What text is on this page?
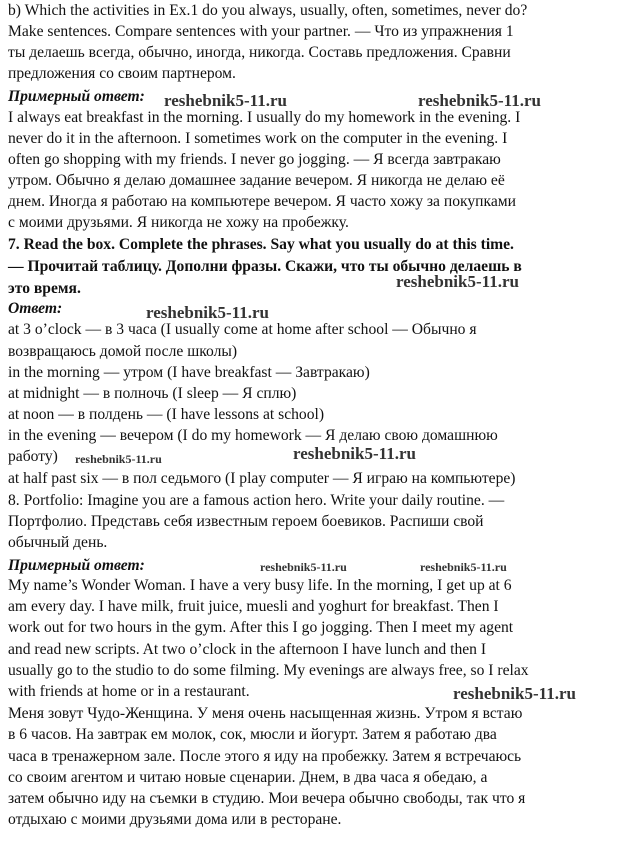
b) Which the activities in Ex.1 do you always, usually, often, sometimes, never do?
Make sentences. Compare sentences with your partner. — Что из упражнения 1
ты делаешь всегда, обычно, иногда, никогда. Составь предложения. Сравни
предложения со своим партнером.
Примерный ответ:
I always eat breakfast in the morning. I usually do my homework in the evening. I
never do it in the afternoon. I sometimes work on the computer in the evening. I
often go shopping with my friends. I never go jogging. — Я всегда завтракаю
утром. Обычно я делаю домашнее задание вечером. Я никогда не делаю её
днем. Иногда я работаю на компьютере вечером. Я часто хожу за покупками
с моими друзьями. Я никогда не хожу на пробежку.
7. Read the box. Complete the phrases. Say what you usually do at this time.
— Прочитай таблицу. Дополни фразы. Скажи, что ты обычно делаешь в
это время.
Ответ:
at 3 o’clock — в 3 часа (I usually come at home after school — Обычно я
возвращаюсь домой после школы)
in the morning — утром (I have breakfast — Завтракаю)
at midnight — в полночь (I sleep — Я сплю)
at noon — в полдень — (I have lessons at school)
in the evening — вечером (I do my homework — Я делаю свою домашнюю
работу)
at half past six — в пол седьмого (I play computer — Я играю на компьютере)
8. Portfolio: Imagine you are a famous action hero. Write your daily routine. —
Портфолио. Представь себя известным героем боевиков. Распиши свой
обычный день.
Примерный ответ:
My name’s Wonder Woman. I have a very busy life. In the morning, I get up at 6
am every day. I have milk, fruit juice, muesli and yoghurt for breakfast. Then I
work out for two hours in the gym. After this I go jogging. Then I meet my agent
and read new scripts. At two o’clock in the afternoon I have lunch and then I
usually go to the studio to do some filming. My evenings are always free, so I relax
with friends at home or in a restaurant.
Меня зовут Чудо-Женщина. У меня очень насыщенная жизнь. Утром я встаю
в 6 часов. На завтрак ем молок, сок, мюсли и йогурт. Затем я работаю два
часа в тренажерном зале. После этого я иду на пробежку. Затем я встречаюсь
со своим агентом и читаю новые сценарии. Днем, в два часа я обедаю, а
затем обычно иду на съемки в студию. Мои вечера обычно свободы, так что я
отдыхаю с моими друзьями дома или в ресторане.
reshebnik5-11.ru	reshebnik5-11.ru
reshebnik5-11.ru
reshebnik5-11.ru
reshebnik5-11.ru	reshebnik5-11.ru
reshebnik5-11.ru	reshebnik5-11.ru
reshebnik5-11.ru
